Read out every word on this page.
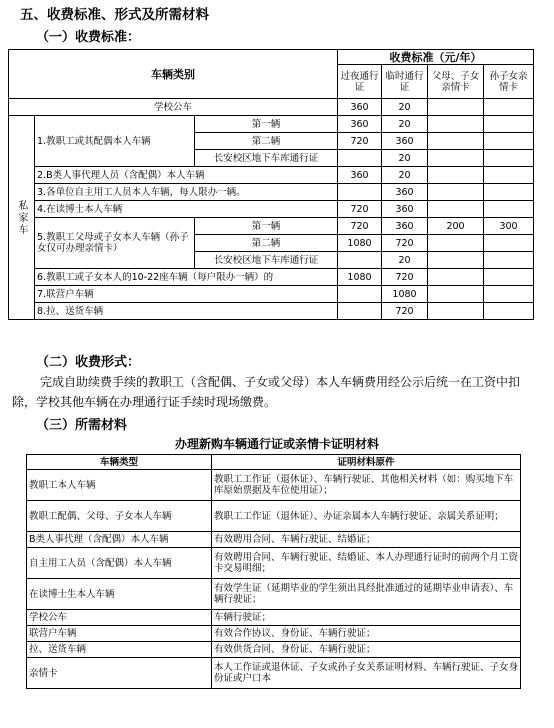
五、收费标准、形式及所需材料
（一）收费标准：
车辆类别			收费标准（元/年）			
			过夜通行证	临时通行证	父母、子女亲情卡	孙子女亲情卡
学校公车			360	20		
私家车	1.教职工或其配偶本人车辆	第一辆	360	20		
		第二辆	720	360		
		长安校区地下车库通行证		20		
	2.B类人事代理人员（含配偶）本人车辆		360	20		
	3.各单位自主用工人员本人车辆，每人限办一辆。			360		
	4.在读博士本人车辆		720	360		
	5.教职工父母或子女本人车辆（孙子女仅可办理亲情卡）	第一辆	720	360	200	300
		第二辆	1080	720		
		长安校区地下车库通行证		20		
	6.教职工或子女本人的10-22座车辆（每户限办一辆）的		1080	720		
	7.联营户车辆			1080		
	8.拉、送货车辆			720		
（二）收费形式：
完成自助续费手续的教职工（含配偶、子女或父母）本人车辆费用经公示后统一在工资中扣除，学校其他车辆在办理通行证手续时现场缴费。
（三）所需材料
办理新购车辆通行证或亲情卡证明材料
车辆类型	证明材料原件
教职工本人车辆	教职工工作证（退休证）、车辆行驶证、其他相关材料（如：购买地下车库原始票据及车位使用证）；
教职工配偶、父母、子女本人车辆	教职工工作证（退休证）、办证亲属本人车辆行驶证、亲属关系证明；
B类人事代理（含配偶）本人车辆	有效聘用合同、车辆行驶证、结婚证；
自主用工人员（含配偶）本人车辆	有效聘用合同、车辆行驶证、结婚证、本人办理通行证时的前两个月工资卡交易明细；
在读博士生本人车辆	有效学生证（延期毕业的学生须出具经批准通过的延期毕业申请表）、车辆行驶证；
学校公车	车辆行驶证；
联营户车辆	有效合作协议、身份证、车辆行驶证；
拉、送货车辆	有效供货合同、身份证、车辆行驶证；
亲情卡	本人工作证或退休证、子女或孙子女关系证明材料、车辆行驶证、子女身份证或户口本
